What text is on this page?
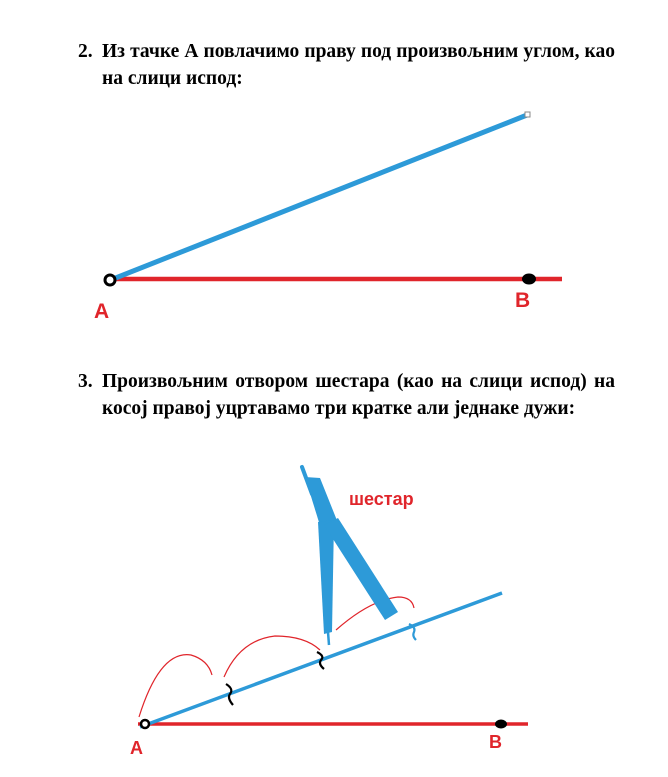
2. Из тачке А повлачимо праву под произвољним углом, као на слици испод:
A	B
шестар
A	B
3. Произвољним отвором шестара (као на слици испод) на косој правој уцртавамо три кратке али једнаке дужи:
